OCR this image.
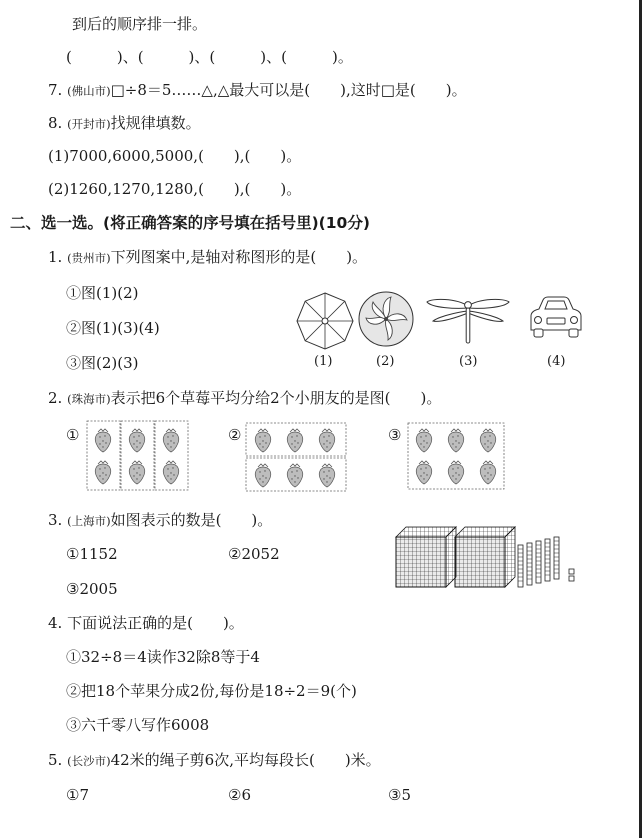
到后的顺序排一排。
(　　　)、(　　　)、(　　　)、(　　　)。
7. (佛山市)□÷8＝5……△,△最大可以是(　　),这时□是(　　)。
8. (开封市)找规律填数。
(1)7000,6000,5000,(　　),(　　)。
(2)1260,1270,1280,(　　),(　　)。
二、选一选。(将正确答案的序号填在括号里)(10分)
1. (贵州市)下列图案中,是轴对称图形的是(　　)。
①图(1)(2)
②图(1)(3)(4)
③图(2)(3)	(1)	(2)	(3)	(4)
2. (珠海市)表示把6个草莓平均分给2个小朋友的是图(　　)。
①	②	③
3. (上海市)如图表示的数是(　　)。
①1152	②2052
③2005
4. 下面说法正确的是(　　)。
①32÷8＝4读作32除8等于4
②把18个苹果分成2份,每份是18÷2＝9(个)
③六千零八写作6008
5. (长沙市)42米的绳子剪6次,平均每段长(　　)米。
①7	②6	③5
